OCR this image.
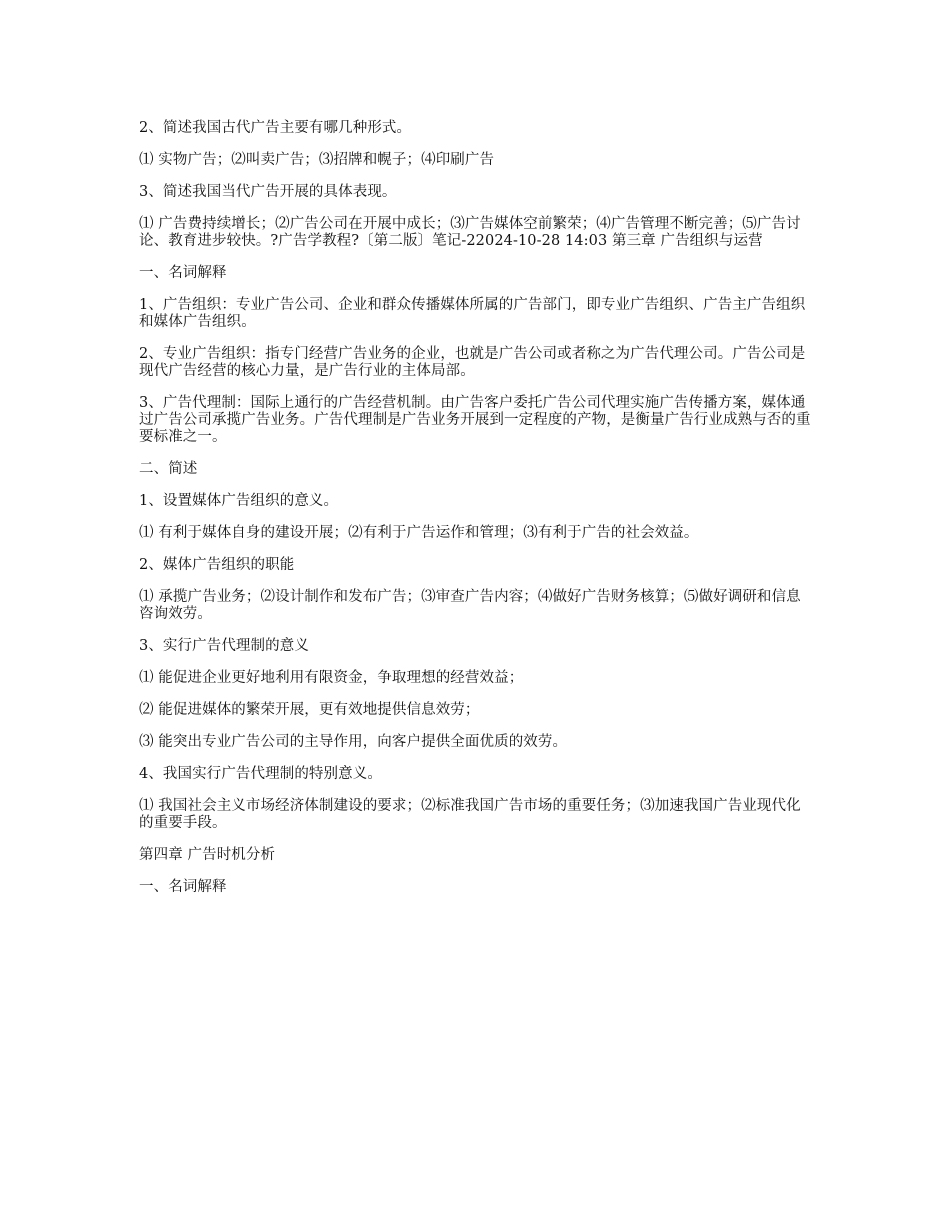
2、简述我国古代广告主要有哪几种形式。

⑴ 实物广告；⑵叫卖广告；⑶招牌和幌子；⑷印刷广告

3、简述我国当代广告开展的具体表现。

⑴ 广告费持续增长；⑵广告公司在开展中成长；⑶广告媒体空前繁荣；⑷广告管理不断完善；⑸广告讨论、教育进步较快。?广告学教程?〔第二版〕笔记-22024-10-28 14:03 第三章 广告组织与运营

一、名词解释

1、广告组织：专业广告公司、企业和群众传播媒体所属的广告部门，即专业广告组织、广告主广告组织和媒体广告组织。

2、专业广告组织：指专门经营广告业务的企业，也就是广告公司或者称之为广告代理公司。广告公司是现代广告经营的核心力量，是广告行业的主体局部。

3、广告代理制：国际上通行的广告经营机制。由广告客户委托广告公司代理实施广告传播方案，媒体通过广告公司承揽广告业务。广告代理制是广告业务开展到一定程度的产物，是衡量广告行业成熟与否的重要标准之一。

二、简述

1、设置媒体广告组织的意义。

⑴ 有利于媒体自身的建设开展；⑵有利于广告运作和管理；⑶有利于广告的社会效益。

2、媒体广告组织的职能

⑴ 承揽广告业务；⑵设计制作和发布广告；⑶审查广告内容；⑷做好广告财务核算；⑸做好调研和信息咨询效劳。

3、实行广告代理制的意义

⑴ 能促进企业更好地利用有限资金，争取理想的经营效益；

⑵ 能促进媒体的繁荣开展，更有效地提供信息效劳；

⑶ 能突出专业广告公司的主导作用，向客户提供全面优质的效劳。

4、我国实行广告代理制的特别意义。

⑴ 我国社会主义市场经济体制建设的要求；⑵标准我国广告市场的重要任务；⑶加速我国广告业现代化的重要手段。

第四章 广告时机分析

一、名词解释
